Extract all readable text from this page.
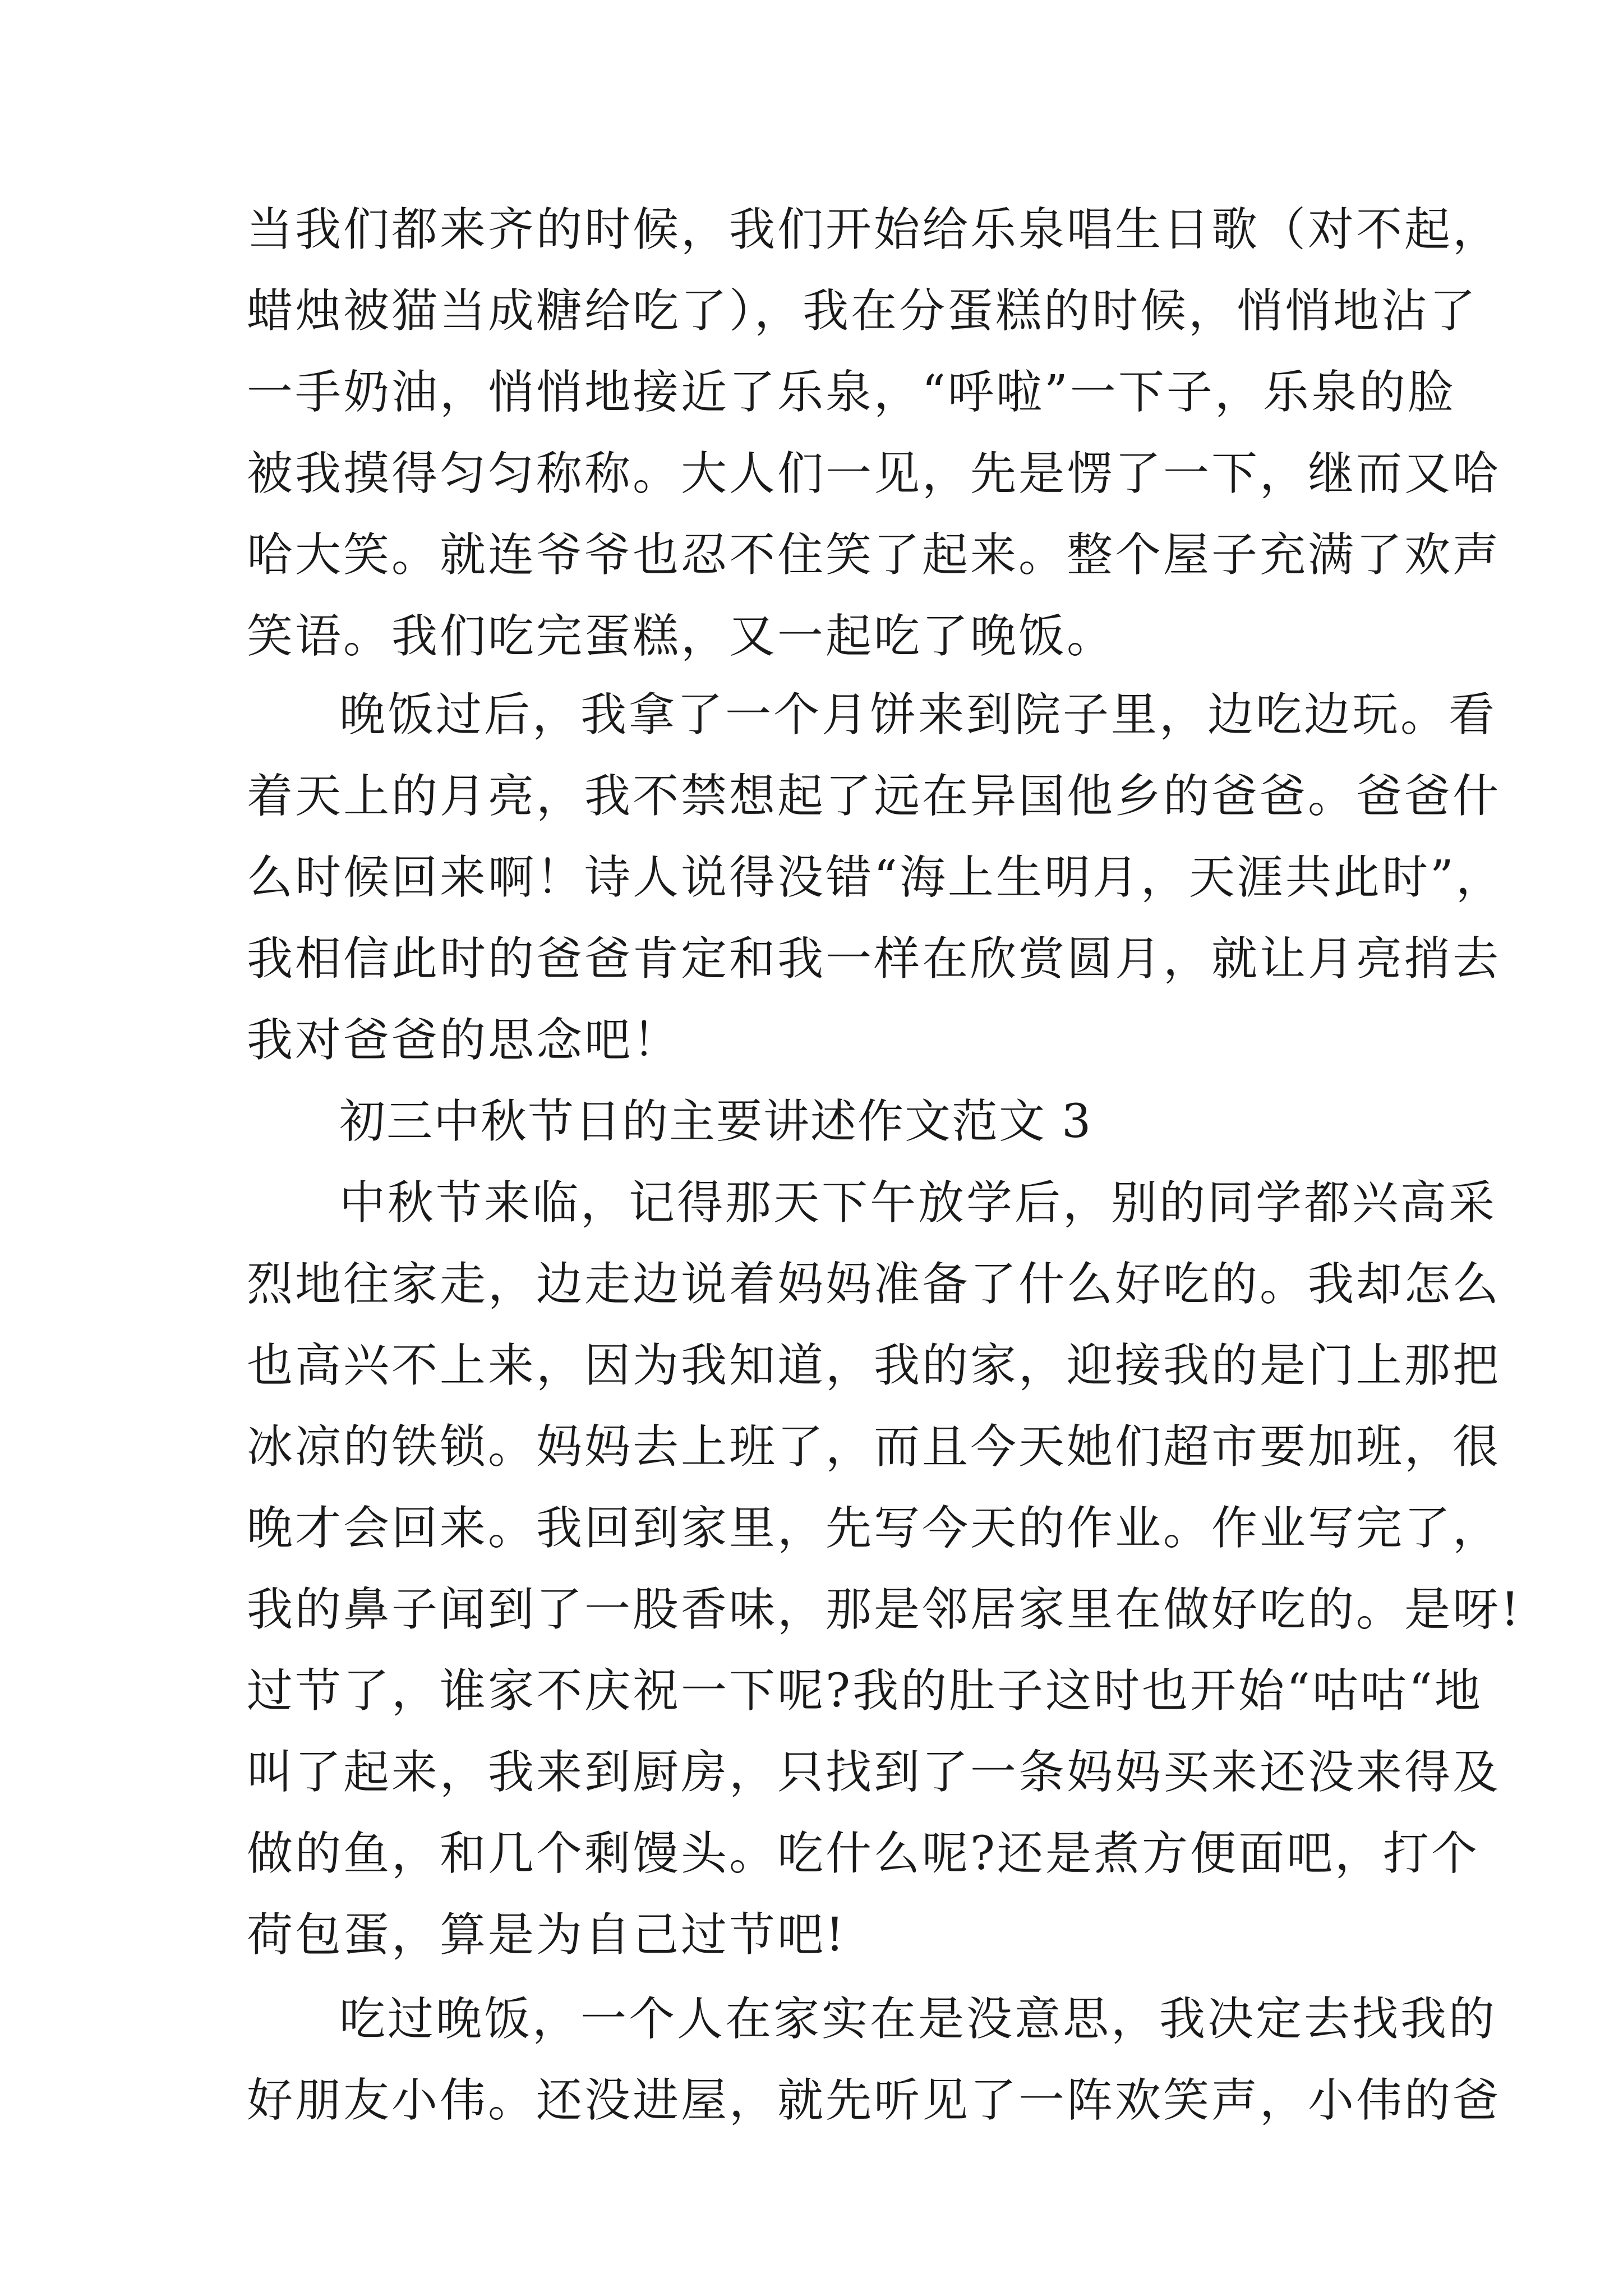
当我们都来齐的时候，我们开始给乐泉唱生日歌（对不起，
蜡烛被猫当成糖给吃了），我在分蛋糕的时候，悄悄地沾了
一手奶油，悄悄地接近了乐泉，“呼啦”一下子，乐泉的脸
被我摸得匀匀称称。大人们一见，先是愣了一下，继而又哈
哈大笑。就连爷爷也忍不住笑了起来。整个屋子充满了欢声
笑语。我们吃完蛋糕，又一起吃了晚饭。
晚饭过后，我拿了一个月饼来到院子里，边吃边玩。看
着天上的月亮，我不禁想起了远在异国他乡的爸爸。爸爸什
么时候回来啊！诗人说得没错“海上生明月，天涯共此时”，
我相信此时的爸爸肯定和我一样在欣赏圆月，就让月亮捎去
我对爸爸的思念吧！
初三中秋节日的主要讲述作文范文 3
中秋节来临，记得那天下午放学后，别的同学都兴高采
烈地往家走，边走边说着妈妈准备了什么好吃的。我却怎么
也高兴不上来，因为我知道，我的家，迎接我的是门上那把
冰凉的铁锁。妈妈去上班了，而且今天她们超市要加班，很
晚才会回来。我回到家里，先写今天的作业。作业写完了，
我的鼻子闻到了一股香味，那是邻居家里在做好吃的。是呀!
过节了，谁家不庆祝一下呢?我的肚子这时也开始“咕咕“地
叫了起来，我来到厨房，只找到了一条妈妈买来还没来得及
做的鱼，和几个剩馒头。吃什么呢?还是煮方便面吧，打个
荷包蛋，算是为自己过节吧!
吃过晚饭，一个人在家实在是没意思，我决定去找我的
好朋友小伟。还没进屋，就先听见了一阵欢笑声，小伟的爸
